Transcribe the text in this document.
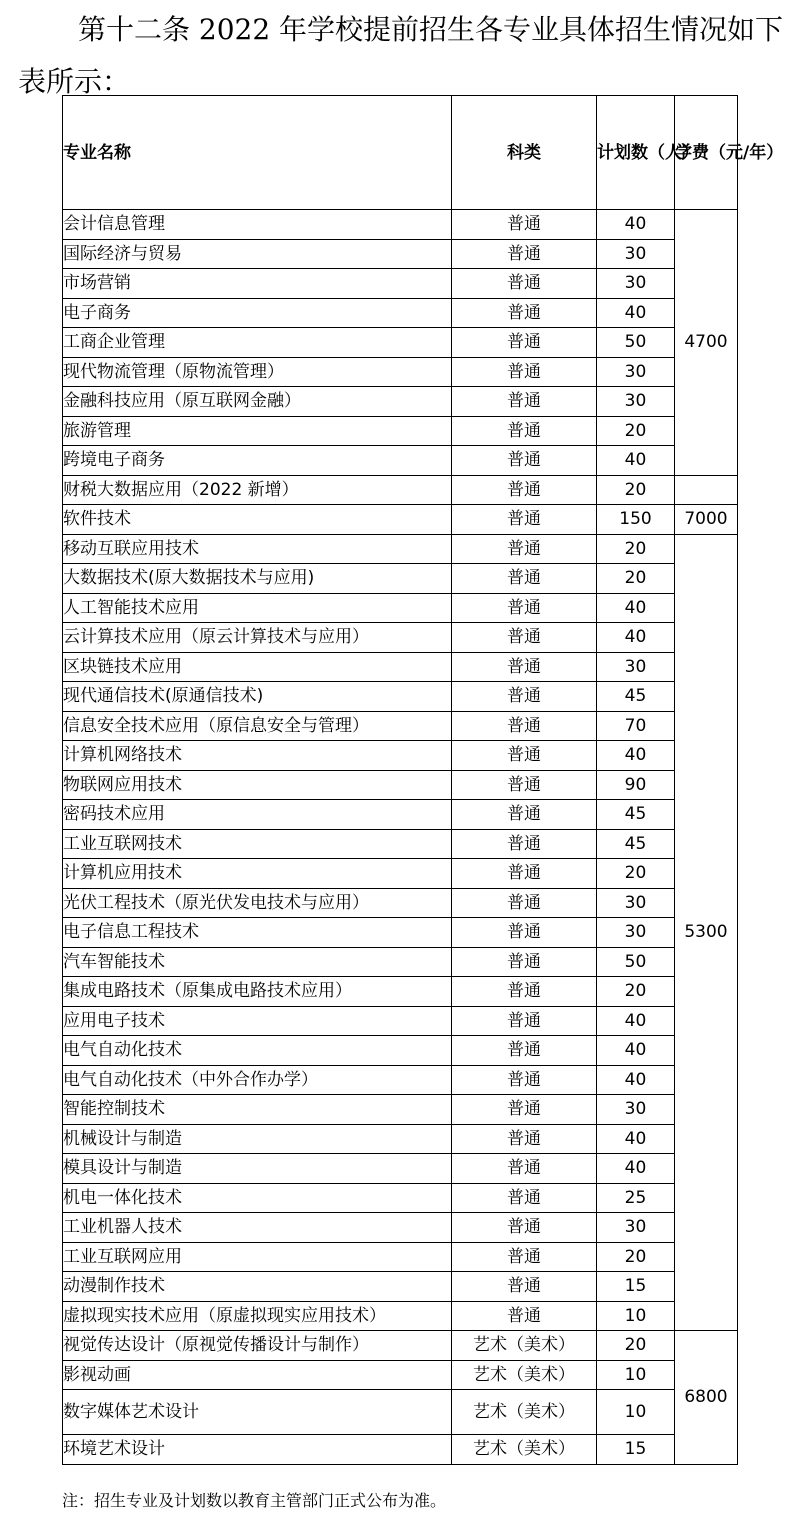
第十二条 2022 年学校提前招生各专业具体招生情况如下表所示：

专业名称	科类	计划数（人）	学费（元/年）
会计信息管理	普通	40	4700
国际经济与贸易	普通	30	
市场营销	普通	30	
电子商务	普通	40	
工商企业管理	普通	50	
现代物流管理（原物流管理）	普通	30	
金融科技应用（原互联网金融）	普通	30	
旅游管理	普通	20	
跨境电子商务	普通	40	
财税大数据应用（2022 新增）	普通	20	
软件技术	普通	150	7000
移动互联应用技术	普通	20	5300
大数据技术(原大数据技术与应用)	普通	20	
人工智能技术应用	普通	40	
云计算技术应用（原云计算技术与应用）	普通	40	
区块链技术应用	普通	30	
现代通信技术(原通信技术)	普通	45	
信息安全技术应用（原信息安全与管理）	普通	70	
计算机网络技术	普通	40	
物联网应用技术	普通	90	
密码技术应用	普通	45	
工业互联网技术	普通	45	
计算机应用技术	普通	20	
光伏工程技术（原光伏发电技术与应用）	普通	30	
电子信息工程技术	普通	30	
汽车智能技术	普通	50	
集成电路技术（原集成电路技术应用）	普通	20	
应用电子技术	普通	40	
电气自动化技术	普通	40	
电气自动化技术（中外合作办学）	普通	40	
智能控制技术	普通	30	
机械设计与制造	普通	40	
模具设计与制造	普通	40	
机电一体化技术	普通	25	
工业机器人技术	普通	30	
工业互联网应用	普通	20	
动漫制作技术	普通	15	
虚拟现实技术应用（原虚拟现实应用技术）	普通	10	
视觉传达设计（原视觉传播设计与制作）	艺术（美术）	20	6800
影视动画	艺术（美术）	10	
数字媒体艺术设计	艺术（美术）	10	
环境艺术设计	艺术（美术）	15	

注：招生专业及计划数以教育主管部门正式公布为准。
